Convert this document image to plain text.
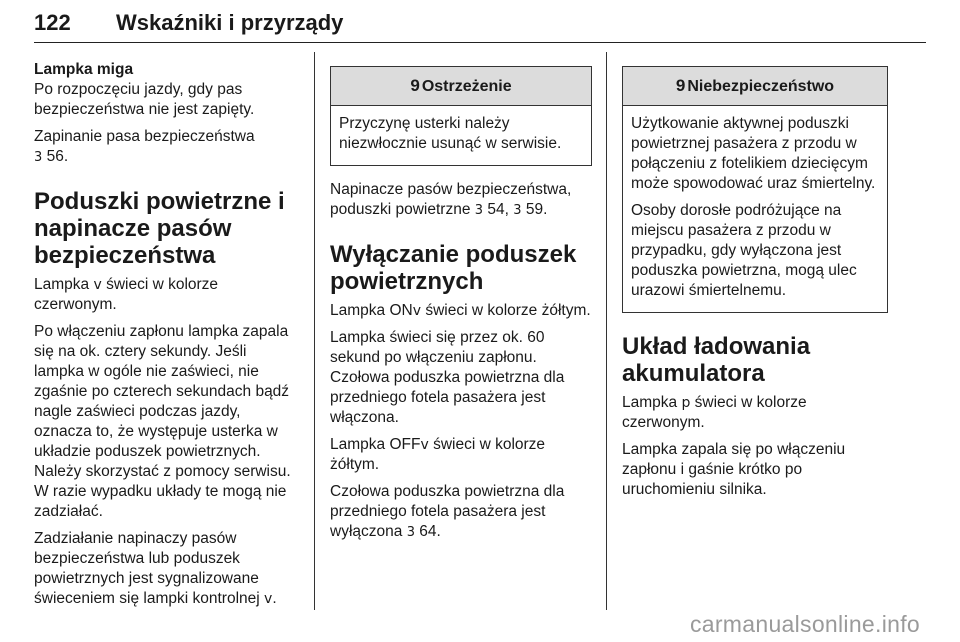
122 Wskaźniki i przyrządy

Lampka miga

Po rozpoczęciu jazdy, gdy pas bezpieczeństwa nie jest zapięty.

Zapinanie pasa bezpieczeństwa
3 56.

Poduszki powietrzne i napinacze pasów bezpieczeństwa

Lampka v świeci w kolorze czerwonym.

Po włączeniu zapłonu lampka zapala się na ok. cztery sekundy. Jeśli lampka w ogóle nie zaświeci, nie zgaśnie po czterech sekundach bądź nagle zaświeci podczas jazdy, oznacza to, że występuje usterka w układzie poduszek powietrznych. Należy skorzystać z pomocy serwisu. W razie wypadku układy te mogą nie zadziałać.

Zadziałanie napinaczy pasów bezpieczeństwa lub poduszek powietrznych jest sygnalizowane świeceniem się lampki kontrolnej v.

9 Ostrzeżenie

Przyczynę usterki należy niezwłocznie usunąć w serwisie.

Napinacze pasów bezpieczeństwa, poduszki powietrzne 3 54, 3 59.

Wyłączanie poduszek powietrznych

Lampka ONv świeci w kolorze żółtym.

Lampka świeci się przez ok. 60 sekund po włączeniu zapłonu. Czołowa poduszka powietrzna dla przedniego fotela pasażera jest włączona.

Lampka OFFv świeci w kolorze żółtym.

Czołowa poduszka powietrzna dla przedniego fotela pasażera jest wyłączona 3 64.

9 Niebezpieczeństwo

Użytkowanie aktywnej poduszki powietrznej pasażera z przodu w połączeniu z fotelikiem dziecięcym może spowodować uraz śmiertelny.

Osoby dorosłe podróżujące na miejscu pasażera z przodu w przypadku, gdy wyłączona jest poduszka powietrzna, mogą ulec urazowi śmiertelnemu.

Układ ładowania akumulatora

Lampka p świeci w kolorze czerwonym.

Lampka zapala się po włączeniu zapłonu i gaśnie krótko po uruchomieniu silnika.

carmanualsonline.info
